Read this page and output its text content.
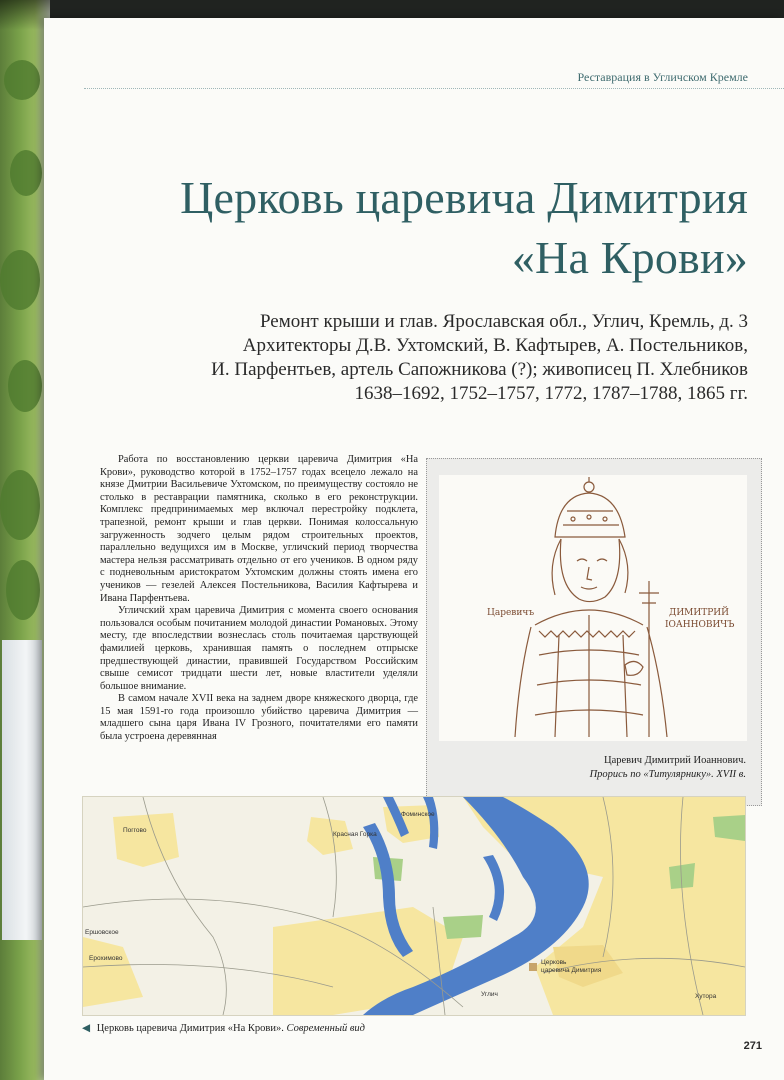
Реставрация в Угличском Кремле
Церковь царевича Димитрия
«На Крови»
Ремонт крыши и глав. Ярославская обл., Углич, Кремль, д. 3
Архитекторы Д.В. Ухтомский, В. Кафтырев, А. Постельников,
И. Парфентьев, артель Сапожникова (?); живописец П. Хлебников
1638–1692, 1752–1757, 1772, 1787–1788, 1865 гг.

Работа по восстановлению церкви царевича Димитрия «На Крови», руководство которой в 1752–1757 годах всецело лежало на князе Дмитрии Васильевиче Ухтомском, по преимуществу состояло не столько в реставрации памятника, сколько в его реконструкции. Комплекс предпринимаемых мер включал перестройку подклета, трапезной, ремонт крыши и глав церкви. Понимая колоссальную загруженность зодчего целым рядом строительных проектов, параллельно ведущихся им в Москве, угличский период творчества мастера нельзя рассматривать отдельно от его учеников. В одном ряду с подневольным аристократом Ухтомским должны стоять имена его учеников — гезелей Алексея Постельникова, Василия Кафтырева и Ивана Парфентьева.

Угличский храм царевича Димитрия с момента своего основания пользовался особым почитанием молодой династии Романовых. Этому месту, где впоследствии вознеслась столь почитаемая царствующей фамилией церковь, хранившая память о последнем отпрыске предшествующей династии, правившей Государством Российским свыше семисот тридцати шести лет, новые властители уделяли большое внимание.

В самом начале XVII века на заднем дворе княжеского дворца, где 15 мая 1591-го года произошло убийство царевича Димитрия — младшего сына царя Ивана IV Грозного, почитателями его памяти была устроена деревянная

Царевичъ	ДИМИТРИЙ
ІОАННОВИЧЪ
Царевич Димитрий Иоаннович.
Прорись по «Титулярнику». XVII в.
Поггово
Красная Горка
Фоминское
Ершовское
Ерохимово
Церковь
царевича Димитрия
Углич	Хутора
◀ Церковь царевича Димитрия «На Крови». Современный вид
271
